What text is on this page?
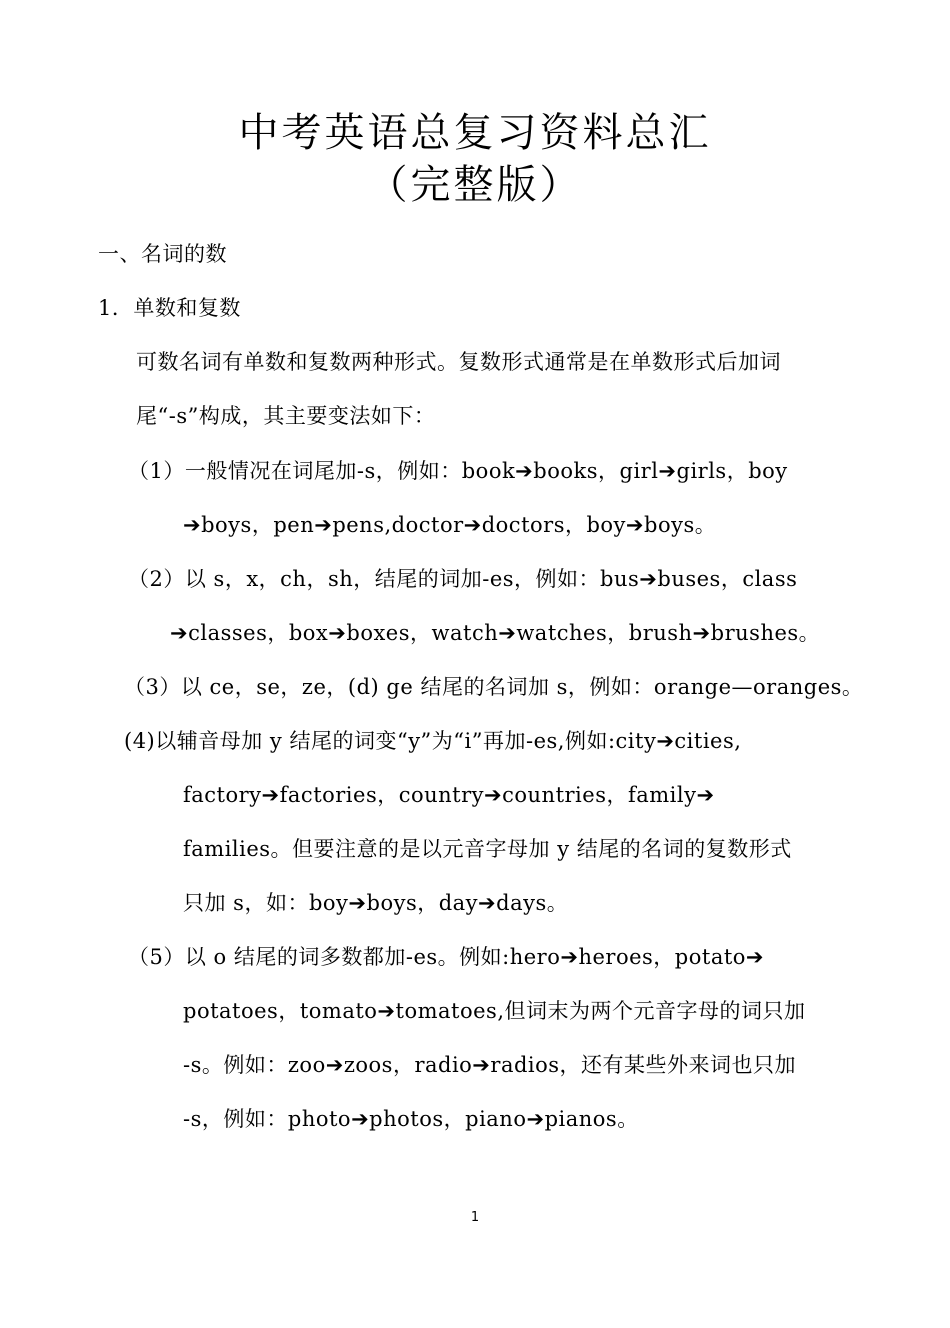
中考英语总复习资料总汇
（完整版）
一、名词的数
1．单数和复数
可数名词有单数和复数两种形式。复数形式通常是在单数形式后加词
尾“-s”构成，其主要变法如下：
（1）一般情况在词尾加-s，例如：book➔books，girl➔girls，boy
➔boys，pen➔pens,doctor➔doctors，boy➔boys。
（2）以 s，x，ch，sh，结尾的词加-es，例如：bus➔buses，class
➔classes，box➔boxes，watch➔watches，brush➔brushes。
（3）以 ce，se，ze，(d) ge 结尾的名词加 s，例如：orange—oranges。
(4)以辅音母加 y 结尾的词变“y”为“i”再加-es,例如:city➔cities,
factory➔factories，country➔countries，family➔
families。但要注意的是以元音字母加 y 结尾的名词的复数形式
只加 s，如：boy➔boys，day➔days。
（5）以 o 结尾的词多数都加-es。例如:hero➔heroes，potato➔
potatoes，tomato➔tomatoes,但词末为两个元音字母的词只加
-s。例如：zoo➔zoos，radio➔radios，还有某些外来词也只加
-s，例如：photo➔photos，piano➔pianos。
1
